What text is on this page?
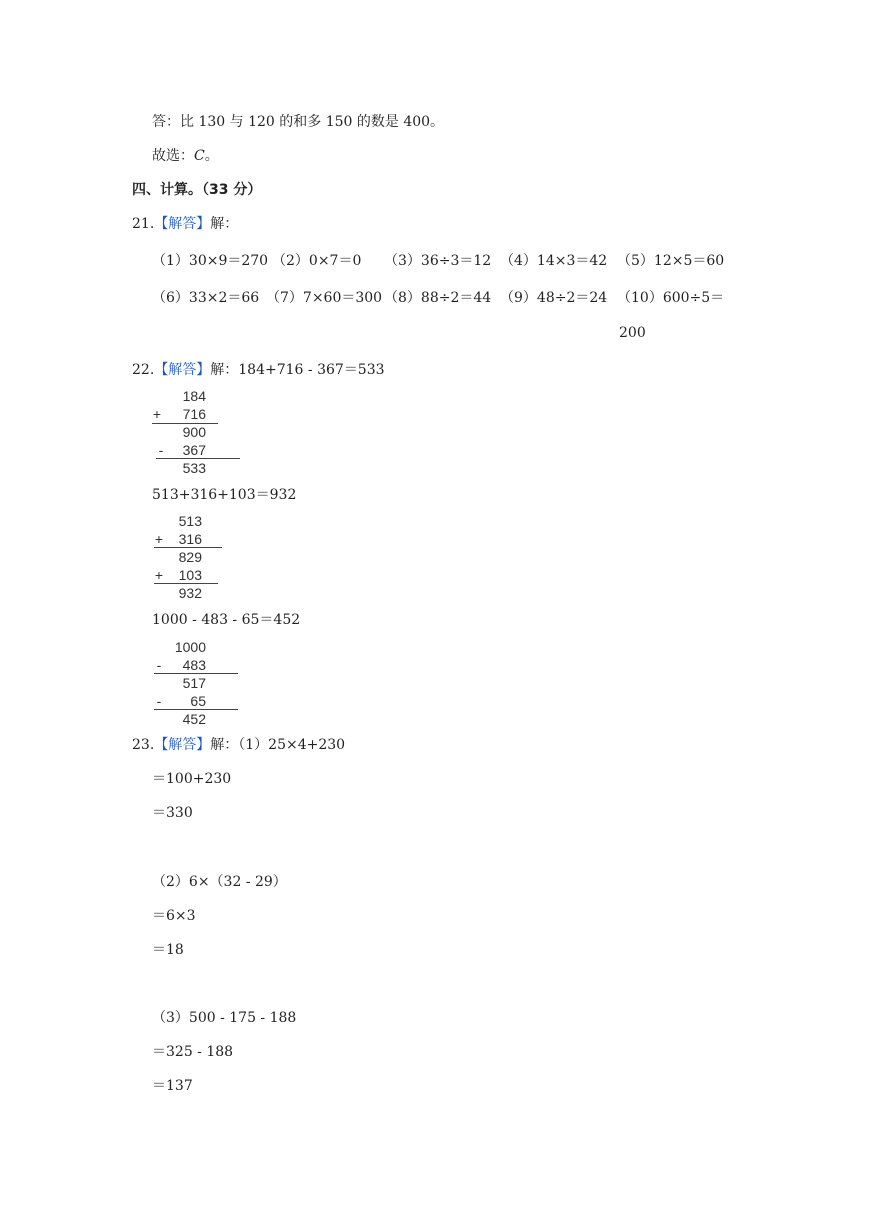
答：比 130 与 120 的和多 150 的数是 400。
故选：C。
四、计算。（33 分）
21.【解答】解：
（1）30×9＝270 （2）0×7＝0 （3）36÷3＝12 （4）14×3＝42 （5）12×5＝60
（6）33×2＝66 （7）7×60＝300 （8）88÷2＝44 （9）48÷2＝24 （10）600÷5＝
200
22.【解答】解：184+716 - 367＝533
184
+	716
900
-	367
533
513+316+103＝932
513
+	316
829
+	103
932
1000 - 483 - 65＝452
1000
-	483
517
-	65
452
23.【解答】解：（1）25×4+230
＝100+230
＝330
（2）6×（32 - 29）
＝6×3
＝18
（3）500 - 175 - 188
＝325 - 188
＝137
